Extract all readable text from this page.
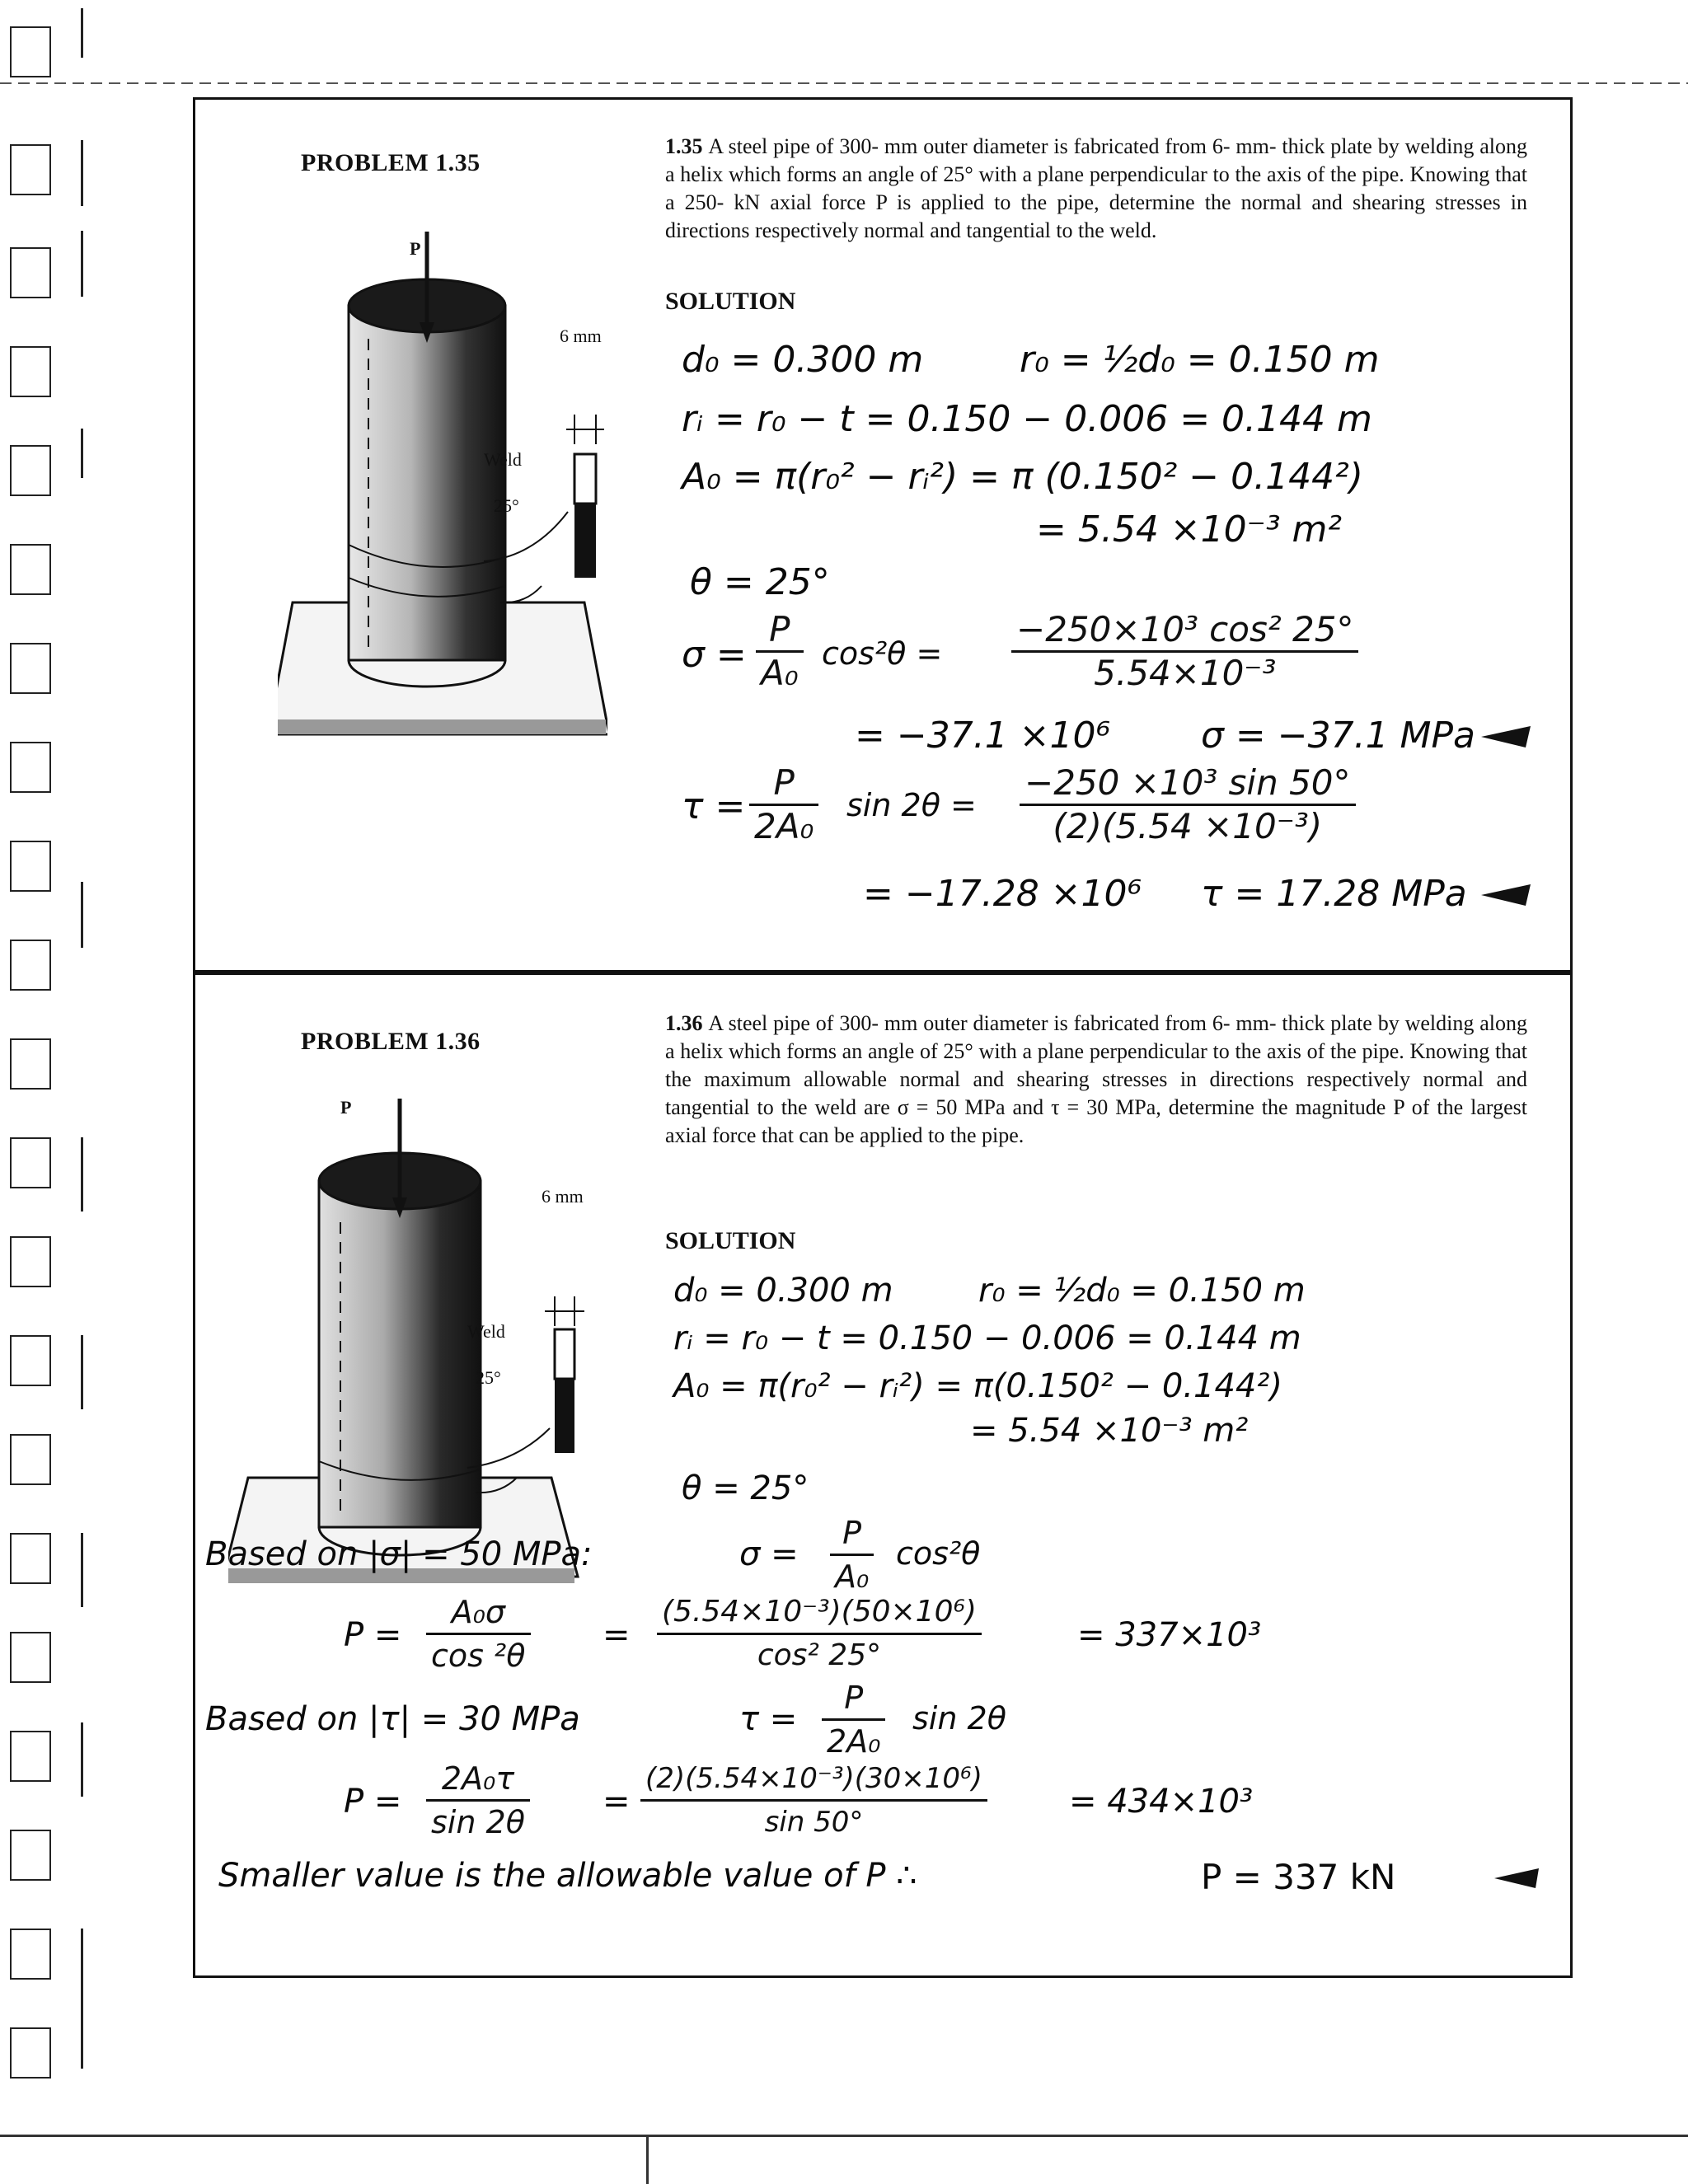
PROBLEM 1.35
P
6 mm
Weld
25°
1.35 A steel pipe of 300- mm outer diameter is fabricated from 6- mm- thick plate by welding along a helix which forms an angle of 25° with a plane perpendicular to the axis of the pipe. Knowing that a 250- kN axial force P is applied to the pipe, determine the normal and shearing stresses in directions respectively normal and tangential to the weld.
SOLUTION
d₀ = 0.300 m	r₀ = ½d₀ = 0.150 m
rᵢ = r₀ − t = 0.150 − 0.006 = 0.144 m
A₀ = π(r₀² − rᵢ²) = π (0.150² − 0.144²)
= 5.54 ×10⁻³ m²
θ = 25°
$\sigma = \frac{P}{\text{A₀}} \cos^2\theta = \frac{\text{−250×10³ cos² 25°}}{\text{5.54×10⁻³}}$
= −37.1 ×10⁶ σ = −37.1 MPa
$\tau = \frac{P}{\text{2A₀}}$ $\sin 2\theta = \frac{\text{−250 ×10³ sin 50°}}{\text{(2)(5.54 ×10⁻³)}}$
= −17.28 ×10⁶ τ = 17.28 MPa
PROBLEM 1.36
P
6 mm
Weld
25°
1.36 A steel pipe of 300- mm outer diameter is fabricated from 6- mm- thick plate by welding along a helix which forms an angle of 25° with a plane perpendicular to the axis of the pipe. Knowing that the maximum allowable normal and shearing stresses in directions respectively normal and tangential to the weld are σ = 50 MPa and τ = 30 MPa, determine the magnitude P of the largest axial force that can be applied to the pipe.
SOLUTION
d₀ = 0.300 m	r₀ = ½d₀ = 0.150 m
rᵢ = r₀ − t = 0.150 − 0.006 = 0.144 m
A₀ = π(r₀² − rᵢ²) = π(0.150² − 0.144²)
= 5.54 ×10⁻³ m²
θ = 25°
Based on |σ| = 50 MPa:	$\sigma = \frac{P}{\text{A₀}} \cos^2\theta$
$P = \frac{\text{A₀σ}}{\text{cos ²θ}} = \frac{\text{(5.54×10⁻³)(50×10⁶)}}{\text{cos² 25°}}$	= 337×10³
Based on |τ| = 30 MPa	$\tau = \frac{P}{\text{2A₀}}$ sin 2θ
$P = \frac{\text{2A₀τ}}{\sin 2\theta} = \frac{\text{(2)(5.54×10⁻³)(30×10⁶)}}{\sin 50^\circ} = 434\times 10^3$
Smaller value is the allowable value of P ∴	P = 337 kN
